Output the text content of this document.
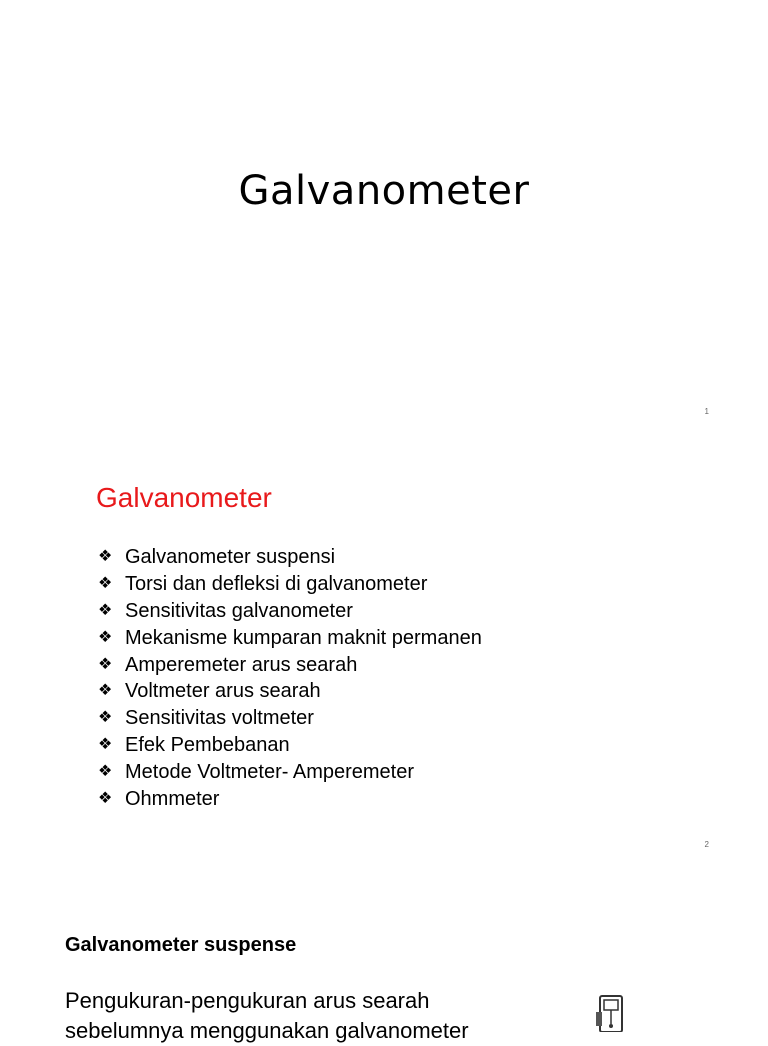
Galvanometer
1
Galvanometer
❖ Galvanometer suspensi
❖ Torsi dan defleksi di galvanometer
❖ Sensitivitas galvanometer
❖ Mekanisme kumparan maknit permanen
❖ Amperemeter arus searah
❖ Voltmeter arus searah
❖ Sensitivitas voltmeter
❖ Efek Pembebanan
❖ Metode Voltmeter- Amperemeter
❖ Ohmmeter
2
Galvanometer suspense

Pengukuran-pengukuran arus searah sebelumnya menggunakan galvanometer
